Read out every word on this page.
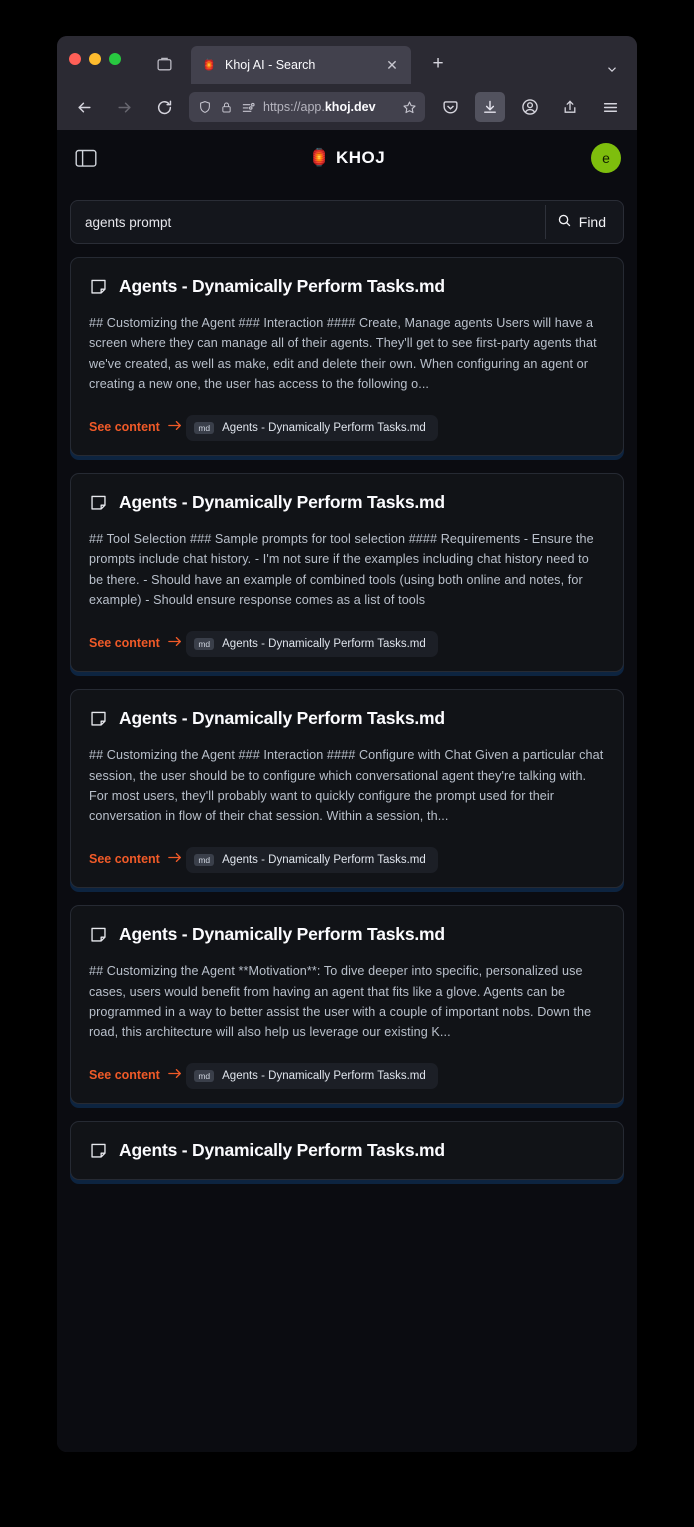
🏮 Khoj AI - Search	✕	+
https://app.khoj.dev
🏮 KHOJ	e
agents prompt	Find
Agents - Dynamically Perform Tasks.md
## Customizing the Agent ### Interaction #### Create, Manage agents Users will have a screen where they can manage all of their agents. They'll get to see first-party agents that we've created, as well as make, edit and delete their own. When configuring an agent or creating a new one, the user has access to the following o...
See content
	md	Agents - Dynamically Perform Tasks.md
Agents - Dynamically Perform Tasks.md
## Tool Selection ### Sample prompts for tool selection #### Requirements - Ensure the prompts include chat history. - I'm not sure if the examples including chat history need to be there. - Should have an example of combined tools (using both online and notes, for example) - Should ensure response comes as a list of tools
See content
	md	Agents - Dynamically Perform Tasks.md
Agents - Dynamically Perform Tasks.md
## Customizing the Agent ### Interaction #### Configure with Chat Given a particular chat session, the user should be to configure which conversational agent they're talking with. For most users, they'll probably want to quickly configure the prompt used for their conversation in flow of their chat session. Within a session, th...
See content
	md	Agents - Dynamically Perform Tasks.md
Agents - Dynamically Perform Tasks.md
## Customizing the Agent **Motivation**: To dive deeper into specific, personalized use cases, users would benefit from having an agent that fits like a glove. Agents can be programmed in a way to better assist the user with a couple of important nobs. Down the road, this architecture will also help us leverage our existing K...
See content
	md	Agents - Dynamically Perform Tasks.md
Agents - Dynamically Perform Tasks.md
